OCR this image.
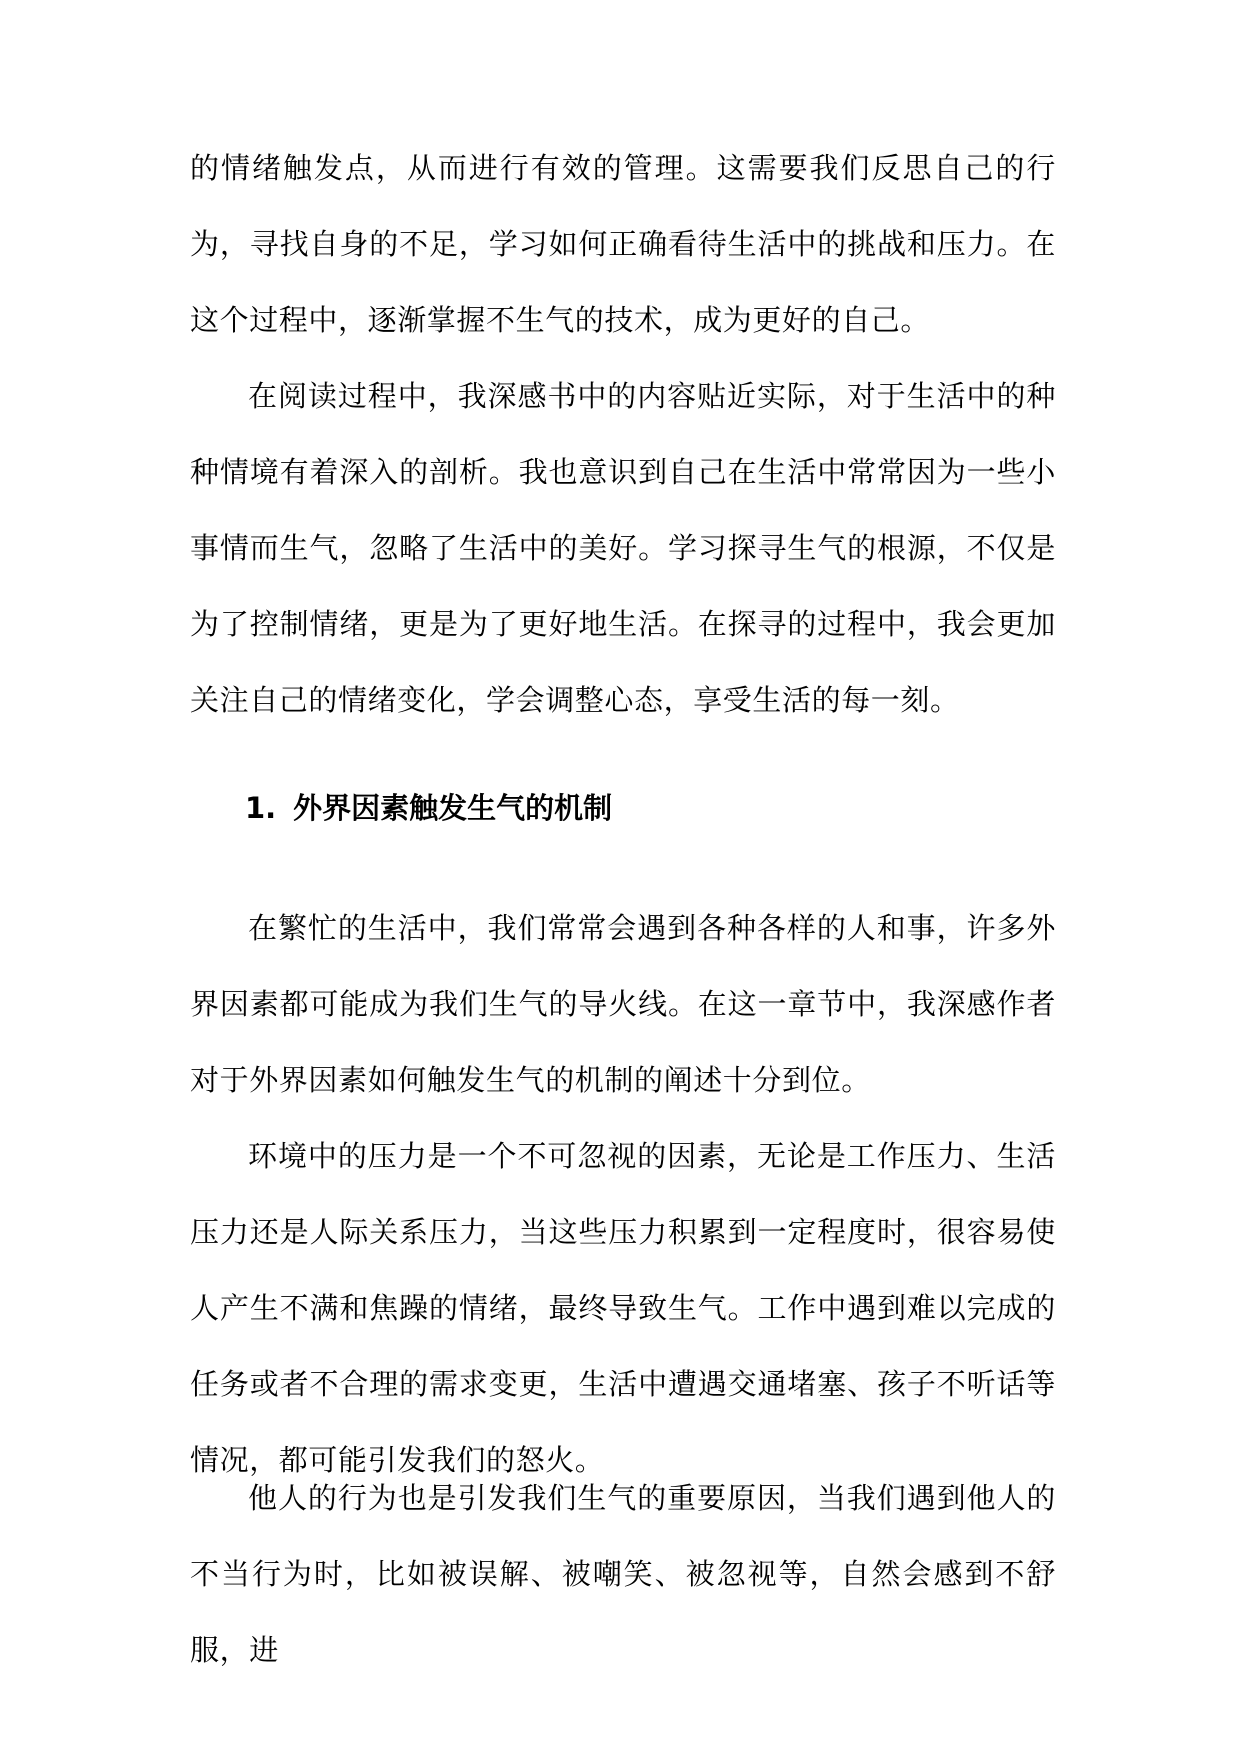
的情绪触发点，从而进行有效的管理。这需要我们反思自己的行为，寻找自身的不足，学习如何正确看待生活中的挑战和压力。在这个过程中，逐渐掌握不生气的技术，成为更好的自己。

在阅读过程中，我深感书中的内容贴近实际，对于生活中的种种情境有着深入的剖析。我也意识到自己在生活中常常因为一些小事情而生气，忽略了生活中的美好。学习探寻生气的根源，不仅是为了控制情绪，更是为了更好地生活。在探寻的过程中，我会更加关注自己的情绪变化，学会调整心态，享受生活的每一刻。

1. 外界因素触发生气的机制

在繁忙的生活中，我们常常会遇到各种各样的人和事，许多外界因素都可能成为我们生气的导火线。在这一章节中，我深感作者对于外界因素如何触发生气的机制的阐述十分到位。

环境中的压力是一个不可忽视的因素，无论是工作压力、生活压力还是人际关系压力，当这些压力积累到一定程度时，很容易使人产生不满和焦躁的情绪，最终导致生气。工作中遇到难以完成的任务或者不合理的需求变更，生活中遭遇交通堵塞、孩子不听话等情况，都可能引发我们的怒火。

他人的行为也是引发我们生气的重要原因，当我们遇到他人的不当行为时，比如被误解、被嘲笑、被忽视等，自然会感到不舒服，进
